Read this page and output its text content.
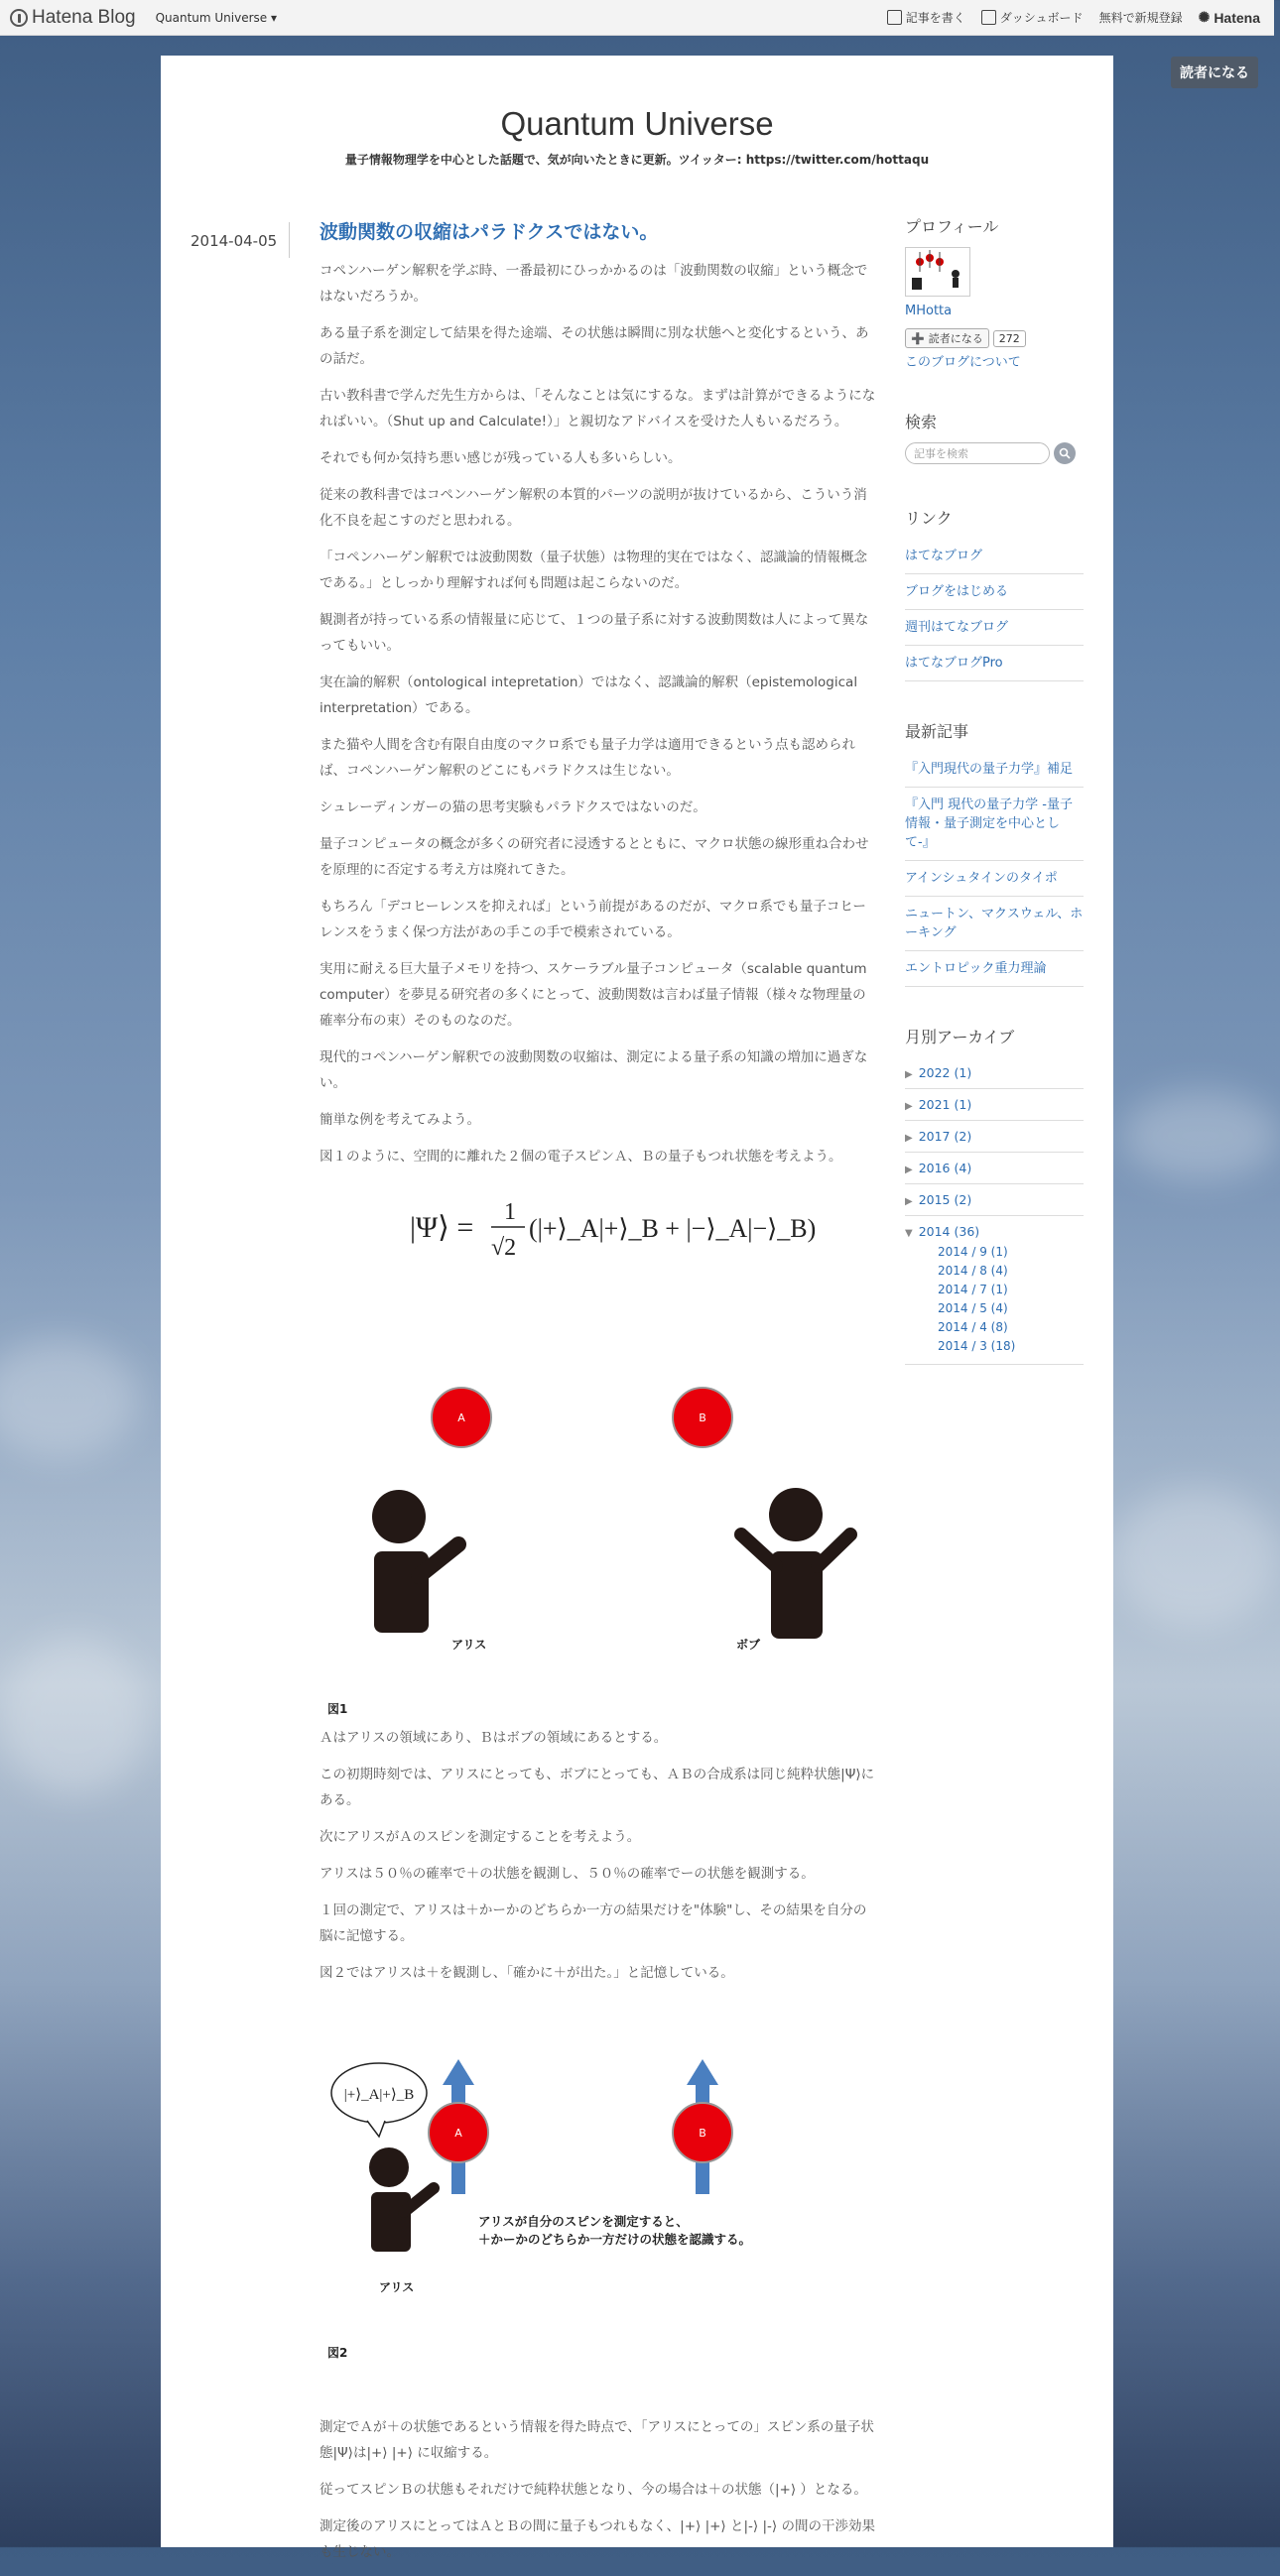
Hatena Blog Quantum Universe ▾	記事を書く	ダッシュボード 無料で新規登録 ✺ Hatena
読者になる
Quantum Universe
量子情報物理学を中心とした話題で、気が向いたときに更新。ツイッター: https://twitter.com/hottaqu
2014-04-05	波動関数の収縮はパラドクスではない。

コペンハーゲン解釈を学ぶ時、一番最初にひっかかるのは「波動関数の収縮」という概念ではないだろうか。

ある量子系を測定して結果を得た途端、その状態は瞬間に別な状態へと変化するという、あの話だ。

古い教科書で学んだ先生方からは、「そんなことは気にするな。まずは計算ができるようになればいい。（Shut up and Calculate!）」と親切なアドバイスを受けた人もいるだろう。

それでも何か気持ち悪い感じが残っている人も多いらしい。

従来の教科書ではコペンハーゲン解釈の本質的パーツの説明が抜けているから、こういう消化不良を起こすのだと思われる。

「コペンハーゲン解釈では波動関数（量子状態）は物理的実在ではなく、認識論的情報概念である。」としっかり理解すれば何も問題は起こらないのだ。

観測者が持っている系の情報量に応じて、１つの量子系に対する波動関数は人によって異なってもいい。

実在論的解釈（ontological intepretation）ではなく、認識論的解釈（epistemological interpretation）である。

また猫や人間を含む有限自由度のマクロ系でも量子力学は適用できるという点も認められば、コペンハーゲン解釈のどこにもパラドクスは生じない。

シュレーディンガーの猫の思考実験もパラドクスではないのだ。

量子コンピュータの概念が多くの研究者に浸透するとともに、マクロ状態の線形重ね合わせを原理的に否定する考え方は廃れてきた。

もちろん「デコヒーレンスを抑えれば」という前提があるのだが、マクロ系でも量子コヒーレンスをうまく保つ方法があの手この手で模索されている。

実用に耐える巨大量子メモリを持つ、スケーラブル量子コンピュータ（scalable quantum computer）を夢見る研究者の多くにとって、波動関数は言わば量子情報（様々な物理量の確率分布の束）そのものなのだ。

現代的コペンハーゲン解釈での波動関数の収縮は、測定による量子系の知識の増加に過ぎない。

簡単な例を考えてみよう。

図１のように、空間的に離れた２個の電子スピンＡ、Ｂの量子もつれ状態を考えよう。

|Ψ⟩ = 1
√2
(|+⟩_A|+⟩_B + |−⟩_A|−⟩_B)
A	B
アリス	ボブ
図1

Ａはアリスの領域にあり、Ｂはボブの領域にあるとする。

この初期時刻では、アリスにとっても、ボブにとっても、ＡＢの合成系は同じ純粋状態|Ψ⟩にある。

次にアリスがＡのスピンを測定することを考えよう。

アリスは５０％の確率で＋の状態を観測し、５０％の確率でーの状態を観測する。

１回の測定で、アリスは＋かーかのどちらか一方の結果だけを"体験"し、その結果を自分の脳に記憶する。

図２ではアリスは＋を観測し、「確かに＋が出た。」と記憶している。

|+⟩_A|+⟩_B
A	B
アリスが自分のスピンを測定すると、
＋かーかのどちらか一方だけの状態を認識する。
アリス
図2

測定でＡが＋の状態であるという情報を得た時点で、「アリスにとっての」スピン系の量子状態|Ψ⟩は|+⟩ |+⟩ に収縮する。

従ってスピンＢの状態もそれだけで純粋状態となり、今の場合は＋の状態（|+⟩ ）となる。

測定後のアリスにとってはＡとＢの間に量子もつれもなく、|+⟩ |+⟩ と|-⟩ |-⟩ の間の干渉効果も生じない。

プロフィール
MHotta
➕ 読者になる 272
このブログについて
検索
記事を検索
リンク
はてなブログ
ブログをはじめる
週刊はてなブログ
はてなブログPro
最新記事
『入門現代の量子力学』補足
『入門 現代の量子力学 -量子情報・量子測定を中心として-』
アインシュタインのタイポ
ニュートン、マクスウェル、ホーキング
エントロピック重力理論
月別アーカイブ
▶ 2022 (1)
▶ 2021 (1)
▶ 2017 (2)
▶ 2016 (4)
▶ 2015 (2)
▼ 2014 (36)
2014 / 9 (1)
2014 / 8 (4)
2014 / 7 (1)
2014 / 5 (4)
2014 / 4 (8)
2014 / 3 (18)
